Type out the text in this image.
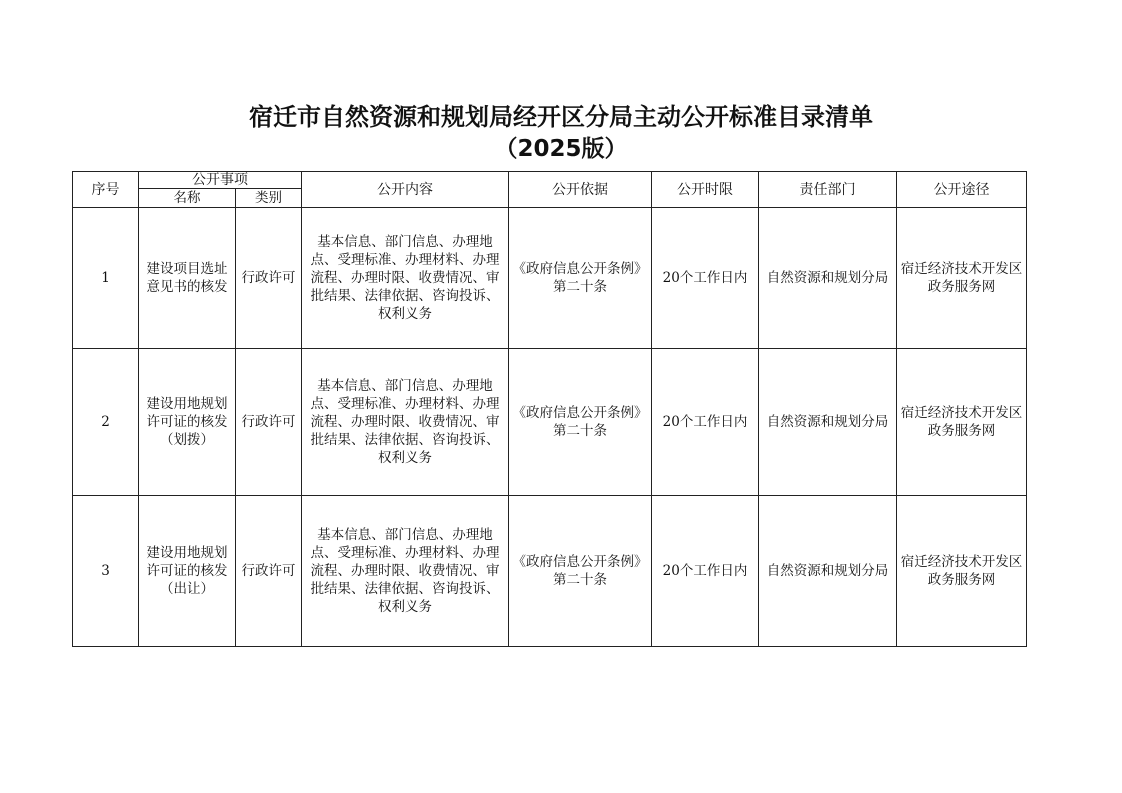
宿迁市自然资源和规划局经开区分局主动公开标准目录清单
（2025版）
序号	公开事项		公开内容	公开依据	公开时限	责任部门	公开途径
	名称	类别					
1	建设项目选址意见书的核发	行政许可	基本信息、部门信息、办理地点、受理标准、办理材料、办理流程、办理时限、收费情况、审批结果、法律依据、咨询投诉、权利义务	《政府信息公开条例》第二十条	20个工作日内	自然资源和规划分局	宿迁经济技术开发区政务服务网
2	建设用地规划许可证的核发（划拨）	行政许可	基本信息、部门信息、办理地点、受理标准、办理材料、办理流程、办理时限、收费情况、审批结果、法律依据、咨询投诉、权利义务	《政府信息公开条例》第二十条	20个工作日内	自然资源和规划分局	宿迁经济技术开发区政务服务网
3	建设用地规划许可证的核发（出让）	行政许可	基本信息、部门信息、办理地点、受理标准、办理材料、办理流程、办理时限、收费情况、审批结果、法律依据、咨询投诉、权利义务	《政府信息公开条例》第二十条	20个工作日内	自然资源和规划分局	宿迁经济技术开发区政务服务网
